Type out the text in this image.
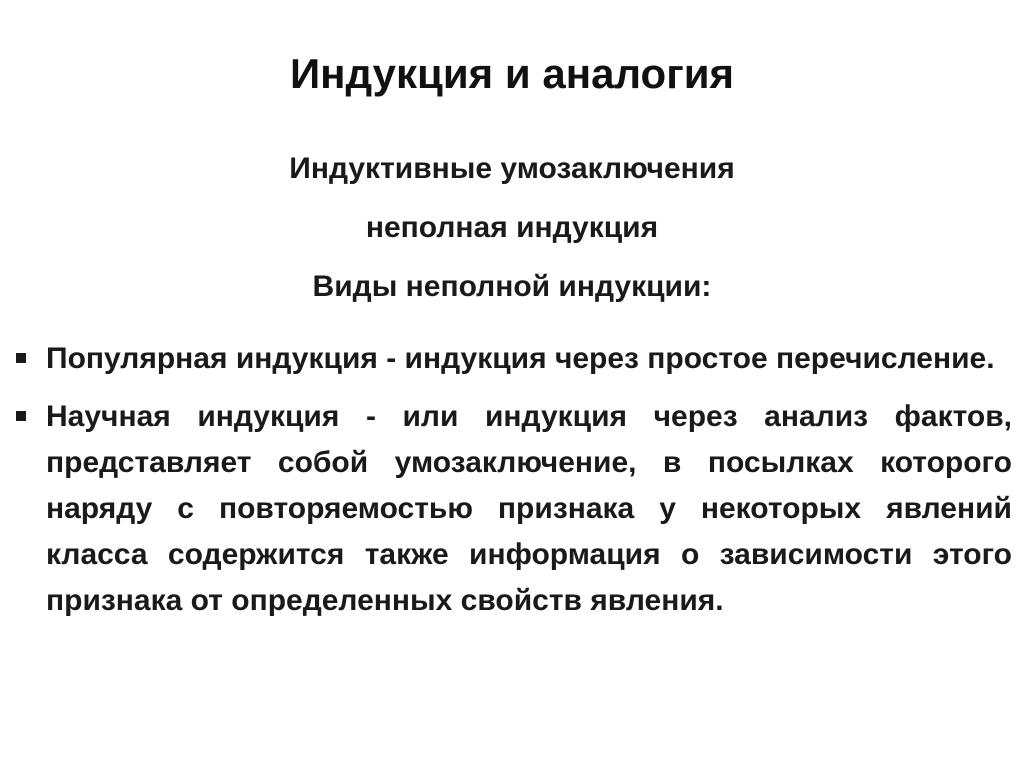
Индукция и аналогия

Индуктивные умозаключения

неполная индукция

Виды неполной индукции:

Популярная индукция - индукция через простое перечисление.
Научная индукция - или индукция через анализ фактов, представляет собой умозаключение, в посылках которого наряду с повторяемостью признака у некоторых явлений класса содержится также информация о зависимости этого признака от определенных свойств явления.
